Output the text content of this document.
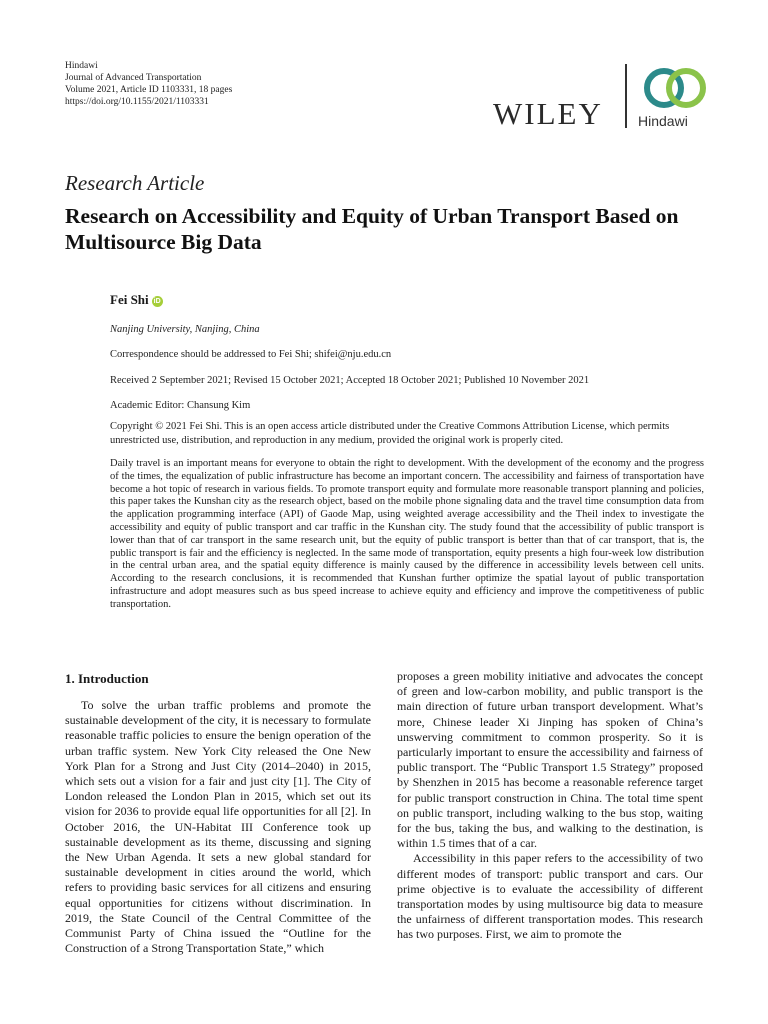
Hindawi
Journal of Advanced Transportation
Volume 2021, Article ID 1103331, 18 pages
https://doi.org/10.1155/2021/1103331	WILEY	Hindawi
Research Article
Research on Accessibility and Equity of Urban Transport Based on Multisource Big Data
Fei Shi iD
Nanjing University, Nanjing, China
Correspondence should be addressed to Fei Shi; shifei@nju.edu.cn
Received 2 September 2021; Revised 15 October 2021; Accepted 18 October 2021; Published 10 November 2021
Academic Editor: Chansung Kim
Copyright © 2021 Fei Shi. This is an open access article distributed under the Creative Commons Attribution License, which permits unrestricted use, distribution, and reproduction in any medium, provided the original work is properly cited.
Daily travel is an important means for everyone to obtain the right to development. With the development of the economy and the progress of the times, the equalization of public infrastructure has become an important concern. The accessibility and fairness of transportation have become a hot topic of research in various fields. To promote transport equity and formulate more reasonable transport planning and policies, this paper takes the Kunshan city as the research object, based on the mobile phone signaling data and the travel time consumption data from the application programming interface (API) of Gaode Map, using weighted average accessibility and the Theil index to investigate the accessibility and equity of public transport and car traffic in the Kunshan city. The study found that the accessibility of public transport is lower than that of car transport in the same research unit, but the equity of public transport is better than that of car transport, that is, the public transport is fair and the efficiency is neglected. In the same mode of transportation, equity presents a high four-week low distribution in the central urban area, and the spatial equity difference is mainly caused by the difference in accessibility levels between cell units. According to the research conclusions, it is recommended that Kunshan further optimize the spatial layout of public transportation infrastructure and adopt measures such as bus speed increase to achieve equity and efficiency and improve the competitiveness of public transportation.
1. Introduction

To solve the urban traffic problems and promote the sustainable development of the city, it is necessary to formulate reasonable traffic policies to ensure the benign operation of the urban traffic system. New York City released the One New York Plan for a Strong and Just City (2014–2040) in 2015, which sets out a vision for a fair and just city [1]. The City of London released the London Plan in 2015, which set out its vision for 2036 to provide equal life opportunities for all [2]. In October 2016, the UN-Habitat III Conference took up sustainable development as its theme, discussing and signing the New Urban Agenda. It sets a new global standard for sustainable development in cities around the world, which refers to providing basic services for all citizens and ensuring equal opportunities for citizens without discrimination. In 2019, the State Council of the Central Committee of the Communist Party of China issued the “Outline for the Construction of a Strong Transportation State,” which

proposes a green mobility initiative and advocates the concept of green and low-carbon mobility, and public transport is the main direction of future urban transport development. What’s more, Chinese leader Xi Jinping has spoken of China’s unswerving commitment to common prosperity. So it is particularly important to ensure the accessibility and fairness of public transport. The “Public Transport 1.5 Strategy” proposed by Shenzhen in 2015 has become a reasonable reference target for public transport construction in China. The total time spent on public transport, including walking to the bus stop, waiting for the bus, taking the bus, and walking to the destination, is within 1.5 times that of a car.

Accessibility in this paper refers to the accessibility of two different modes of transport: public transport and cars. Our prime objective is to evaluate the accessibility of different transportation modes by using multisource big data to measure the unfairness of different transportation modes. This research has two purposes. First, we aim to promote the
